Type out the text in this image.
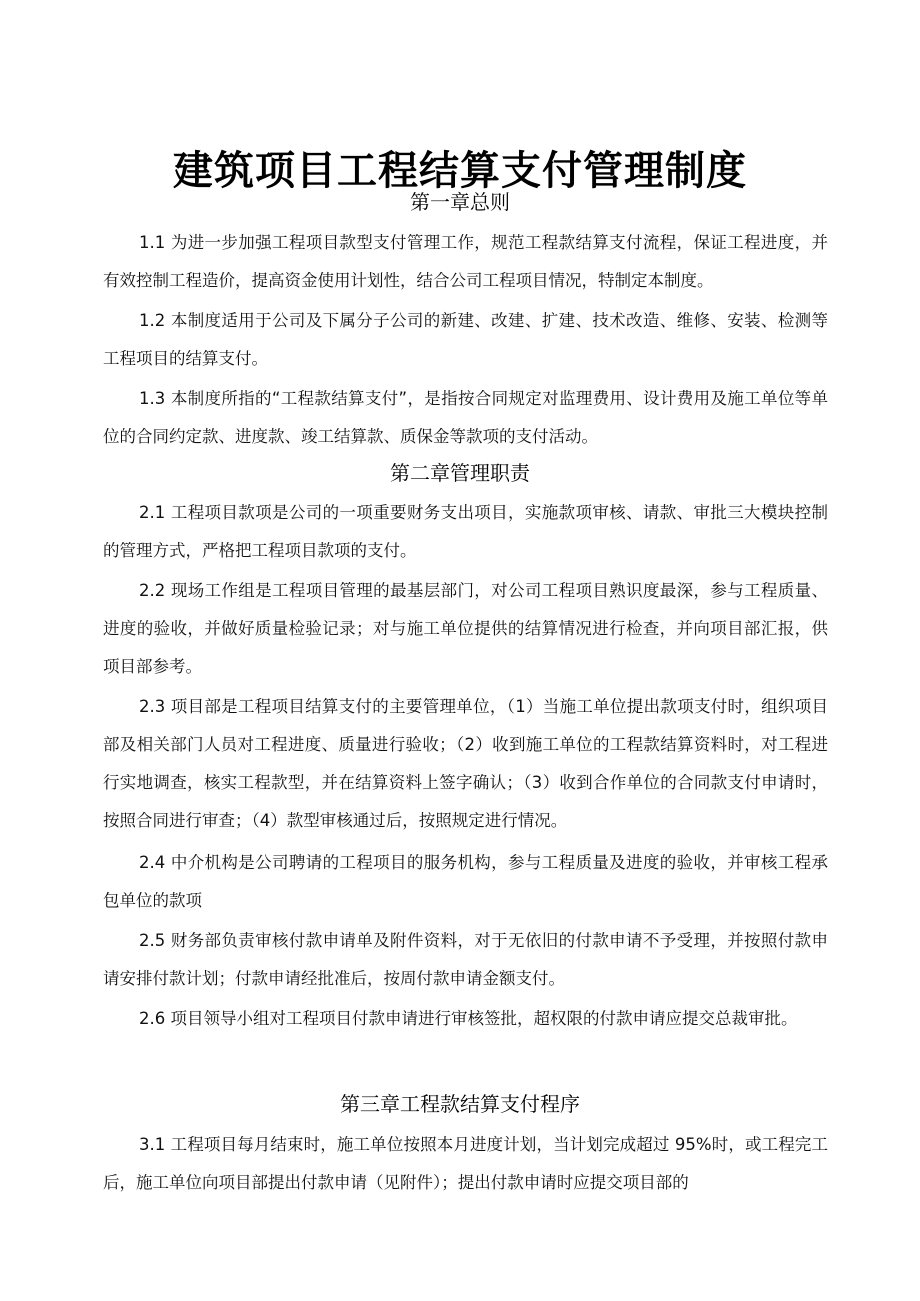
建筑项目工程结算支付管理制度
第一章总则

1.1 为进一步加强工程项目款型支付管理工作，规范工程款结算支付流程，保证工程进度，并有效控制工程造价，提高资金使用计划性，结合公司工程项目情况，特制定本制度。

1.2 本制度适用于公司及下属分子公司的新建、改建、扩建、技术改造、维修、安装、检测等工程项目的结算支付。

1.3 本制度所指的“工程款结算支付”，是指按合同规定对监理费用、设计费用及施工单位等单位的合同约定款、进度款、竣工结算款、质保金等款项的支付活动。

第二章管理职责

2.1 工程项目款项是公司的一项重要财务支出项目，实施款项审核、请款、审批三大模块控制的管理方式，严格把工程项目款项的支付。

2.2 现场工作组是工程项目管理的最基层部门，对公司工程项目熟识度最深，参与工程质量、进度的验收，并做好质量检验记录；对与施工单位提供的结算情况进行检查，并向项目部汇报，供项目部参考。

2.3 项目部是工程项目结算支付的主要管理单位，（1）当施工单位提出款项支付时，组织项目部及相关部门人员对工程进度、质量进行验收；（2）收到施工单位的工程款结算资料时，对工程进行实地调查，核实工程款型，并在结算资料上签字确认；（3）收到合作单位的合同款支付申请时，按照合同进行审查；（4）款型审核通过后，按照规定进行情况。

2.4 中介机构是公司聘请的工程项目的服务机构，参与工程质量及进度的验收，并审核工程承包单位的款项

2.5 财务部负责审核付款申请单及附件资料，对于无依旧的付款申请不予受理，并按照付款申请安排付款计划；付款申请经批准后，按周付款申请金额支付。

2.6 项目领导小组对工程项目付款申请进行审核签批，超权限的付款申请应提交总裁审批。

第三章工程款结算支付程序

3.1 工程项目每月结束时，施工单位按照本月进度计划，当计划完成超过 95%时，或工程完工后，施工单位向项目部提出付款申请（见附件）；提出付款申请时应提交项目部的
